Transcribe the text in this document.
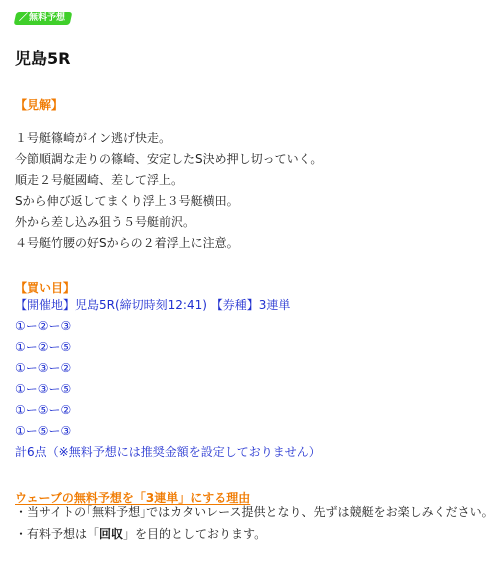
／ 無料予想
児島5R
【見解】
１号艇篠崎がイン逃げ快走。
今節順調な走りの篠崎、安定したS決め押し切っていく。
順走２号艇國崎、差して浮上。
Sから伸び返してまくり浮上３号艇横田。
外から差し込み狙う５号艇前沢。
４号艇竹腰の好Sからの２着浮上に注意。
【買い目】
【開催地】児島5R(締切時刻12:41) 【券種】3連単
①ー②ー③
①ー②ー⑤
①ー③ー②
①ー③ー⑤
①ー⑤ー②
①ー⑤ー③
計6点（※無料予想には推奨金額を設定しておりません）
ウェーブの無料予想を「3連単」にする理由
・当サイトの｢無料予想｣ではカタいレース提供となり、先ずは競艇をお楽しみください。
・有料予想は「回収」を目的としております。
